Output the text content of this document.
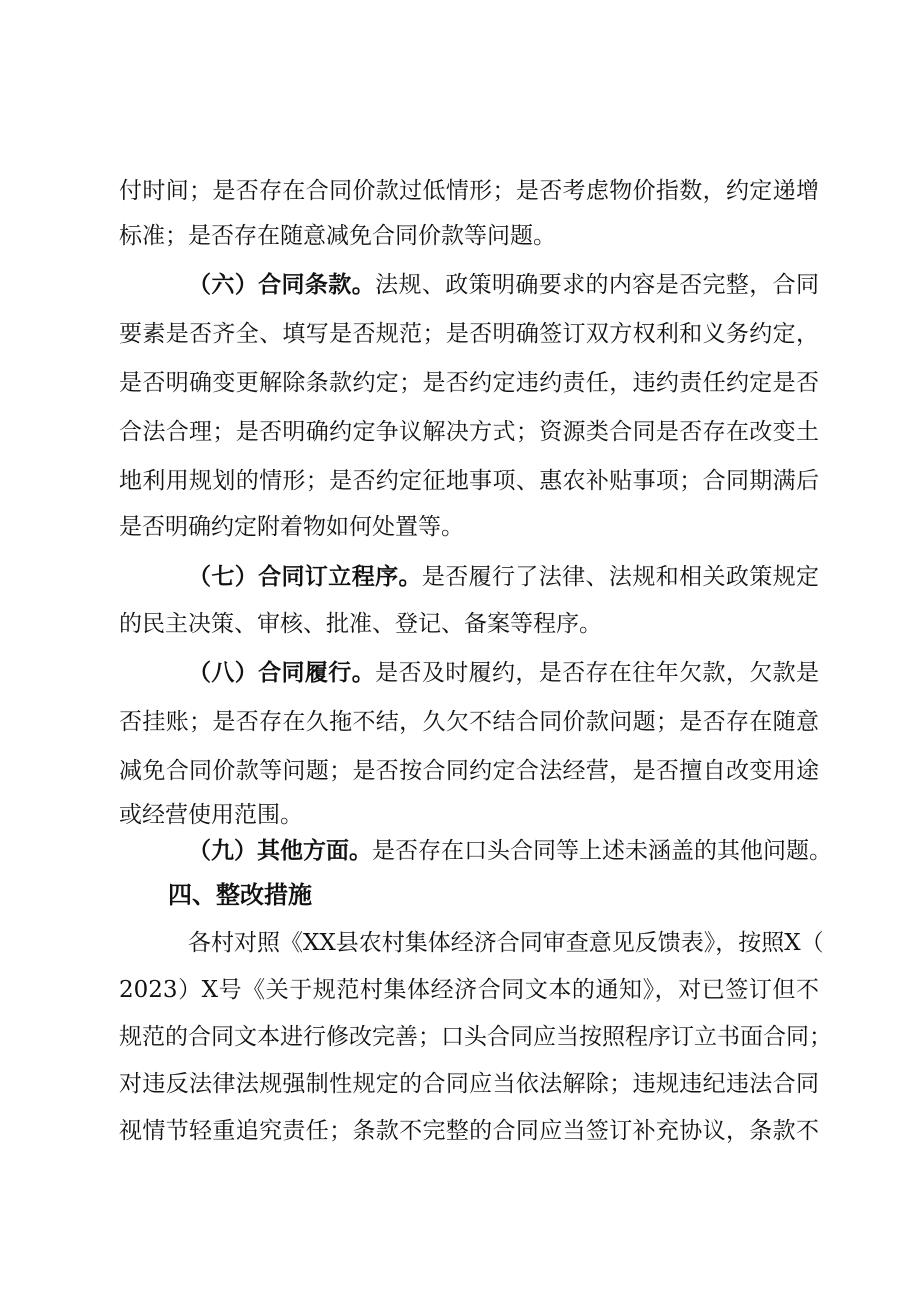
付时间；是否存在合同价款过低情形；是否考虑物价指数，约定递增
标准；是否存在随意减免合同价款等问题。
（六）合同条款。法规、政策明确要求的内容是否完整，合同
要素是否齐全、填写是否规范；是否明确签订双方权利和义务约定，
是否明确变更解除条款约定；是否约定违约责任，违约责任约定是否
合法合理；是否明确约定争议解决方式；资源类合同是否存在改变土
地利用规划的情形；是否约定征地事项、惠农补贴事项；合同期满后
是否明确约定附着物如何处置等。
（七）合同订立程序。是否履行了法律、法规和相关政策规定
的民主决策、审核、批准、登记、备案等程序。
（八）合同履行。是否及时履约，是否存在往年欠款，欠款是
否挂账；是否存在久拖不结，久欠不结合同价款问题；是否存在随意
减免合同价款等问题；是否按合同约定合法经营，是否擅自改变用途
或经营使用范围。
（九）其他方面。是否存在口头合同等上述未涵盖的其他问题。
四、整改措施
各村对照《XX县农村集体经济合同审查意见反馈表》，按照X（
2023）X号《关于规范村集体经济合同文本的通知》，对已签订但不
规范的合同文本进行修改完善；口头合同应当按照程序订立书面合同；
对违反法律法规强制性规定的合同应当依法解除；违规违纪违法合同
视情节轻重追究责任；条款不完整的合同应当签订补充协议，条款不
